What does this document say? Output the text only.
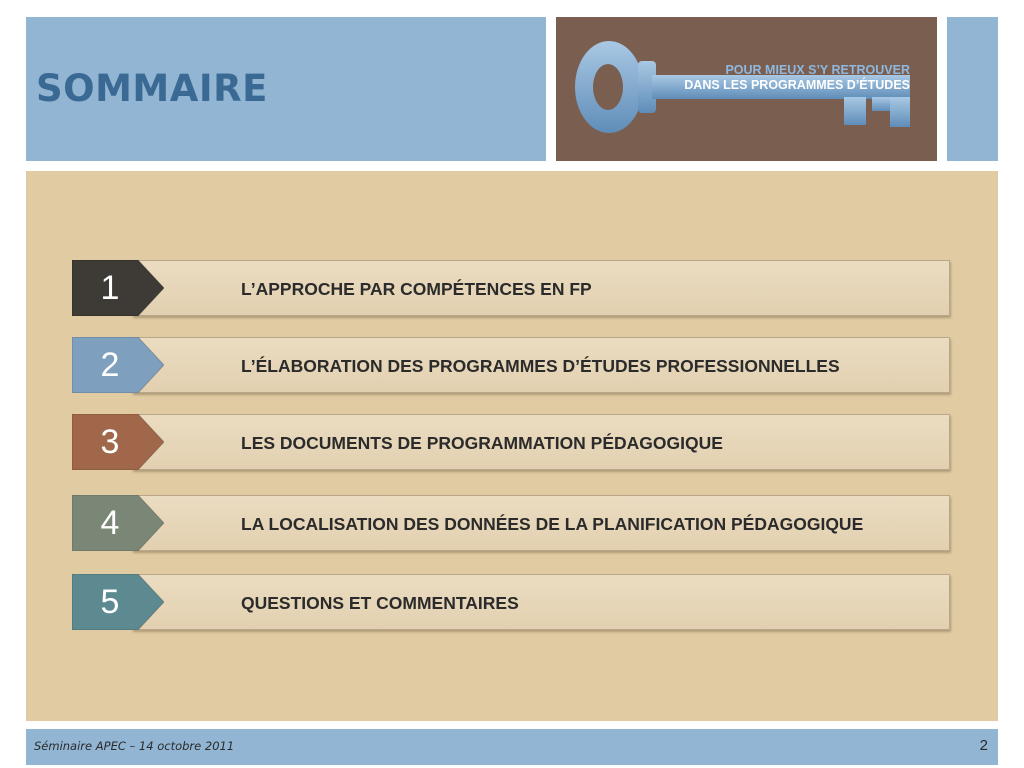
SOMMAIRE	POUR MIEUX S’Y RETROUVER
DANS LES PROGRAMMES D’ÉTUDES
L’APPROCHE PAR COMPÉTENCES EN FP
1
L’ÉLABORATION DES PROGRAMMES D’ÉTUDES PROFESSIONNELLES
2
LES DOCUMENTS DE PROGRAMMATION PÉDAGOGIQUE
3
LA LOCALISATION DES DONNÉES DE LA PLANIFICATION PÉDAGOGIQUE
4
QUESTIONS ET COMMENTAIRES
5
Séminaire APEC – 14 octobre 2011	2
